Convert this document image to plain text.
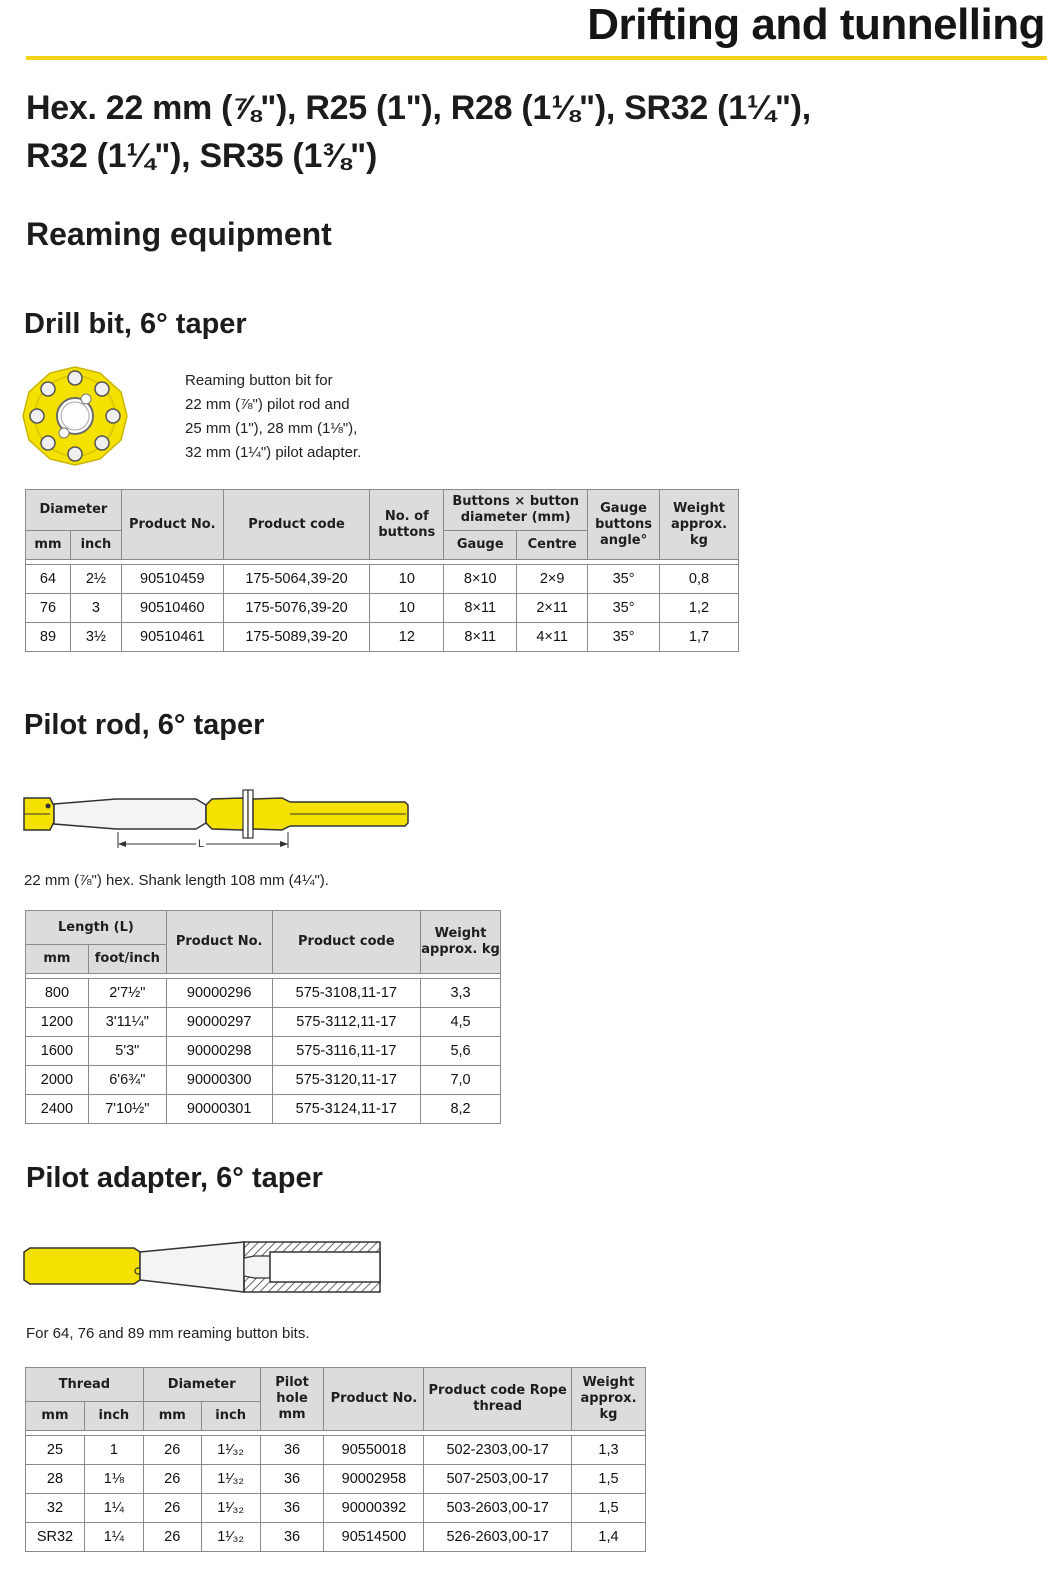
Drifting and tunnelling
Hex. 22 mm (⅞"), R25 (1"), R28 (1⅛"), SR32 (1¼"),
R32 (1¼"), SR35 (1⅜")
Reaming equipment
Drill bit, 6° taper
Reaming button bit for
22 mm (⅞") pilot rod and
25 mm (1"), 28 mm (1⅛"),
32 mm (1¼") pilot adapter.
Diameter		Product No.	Product code	No. of buttons	Buttons × button diameter (mm)		Gauge buttons angle°	Weight approx. kg
mm	inch				Gauge	Centre		

64	2½	90510459	175-5064,39-20	10	8×10	2×9	35°	0,8
76	3	90510460	175-5076,39-20	10	8×11	2×11	35°	1,2
89	3½	90510461	175-5089,39-20	12	8×11	4×11	35°	1,7
Pilot rod, 6° taper
L
22 mm (⅞") hex. Shank length 108 mm (4¼").
Length (L)		Product No.	Product code	Weight approx. kg
mm	foot/inch			

800	2'7½"	90000296	575-3108,11-17	3,3
1200	3'11¼"	90000297	575-3112,11-17	4,5
1600	5'3"	90000298	575-3116,11-17	5,6
2000	6'6¾"	90000300	575-3120,11-17	7,0
2400	7'10½"	90000301	575-3124,11-17	8,2
Pilot adapter, 6° taper
For 64, 76 and 89 mm reaming button bits.
Thread		Diameter		Pilot hole mm	Product No.	Product code Rope thread	Weight approx. kg
mm	inch	mm	inch				

25	1	26	1¹⁄₃₂	36	90550018	502-2303,00-17	1,3
28	1⅛	26	1¹⁄₃₂	36	90002958	507-2503,00-17	1,5
32	1¼	26	1¹⁄₃₂	36	90000392	503-2603,00-17	1,5
SR32	1¼	26	1¹⁄₃₂	36	90514500	526-2603,00-17	1,4
